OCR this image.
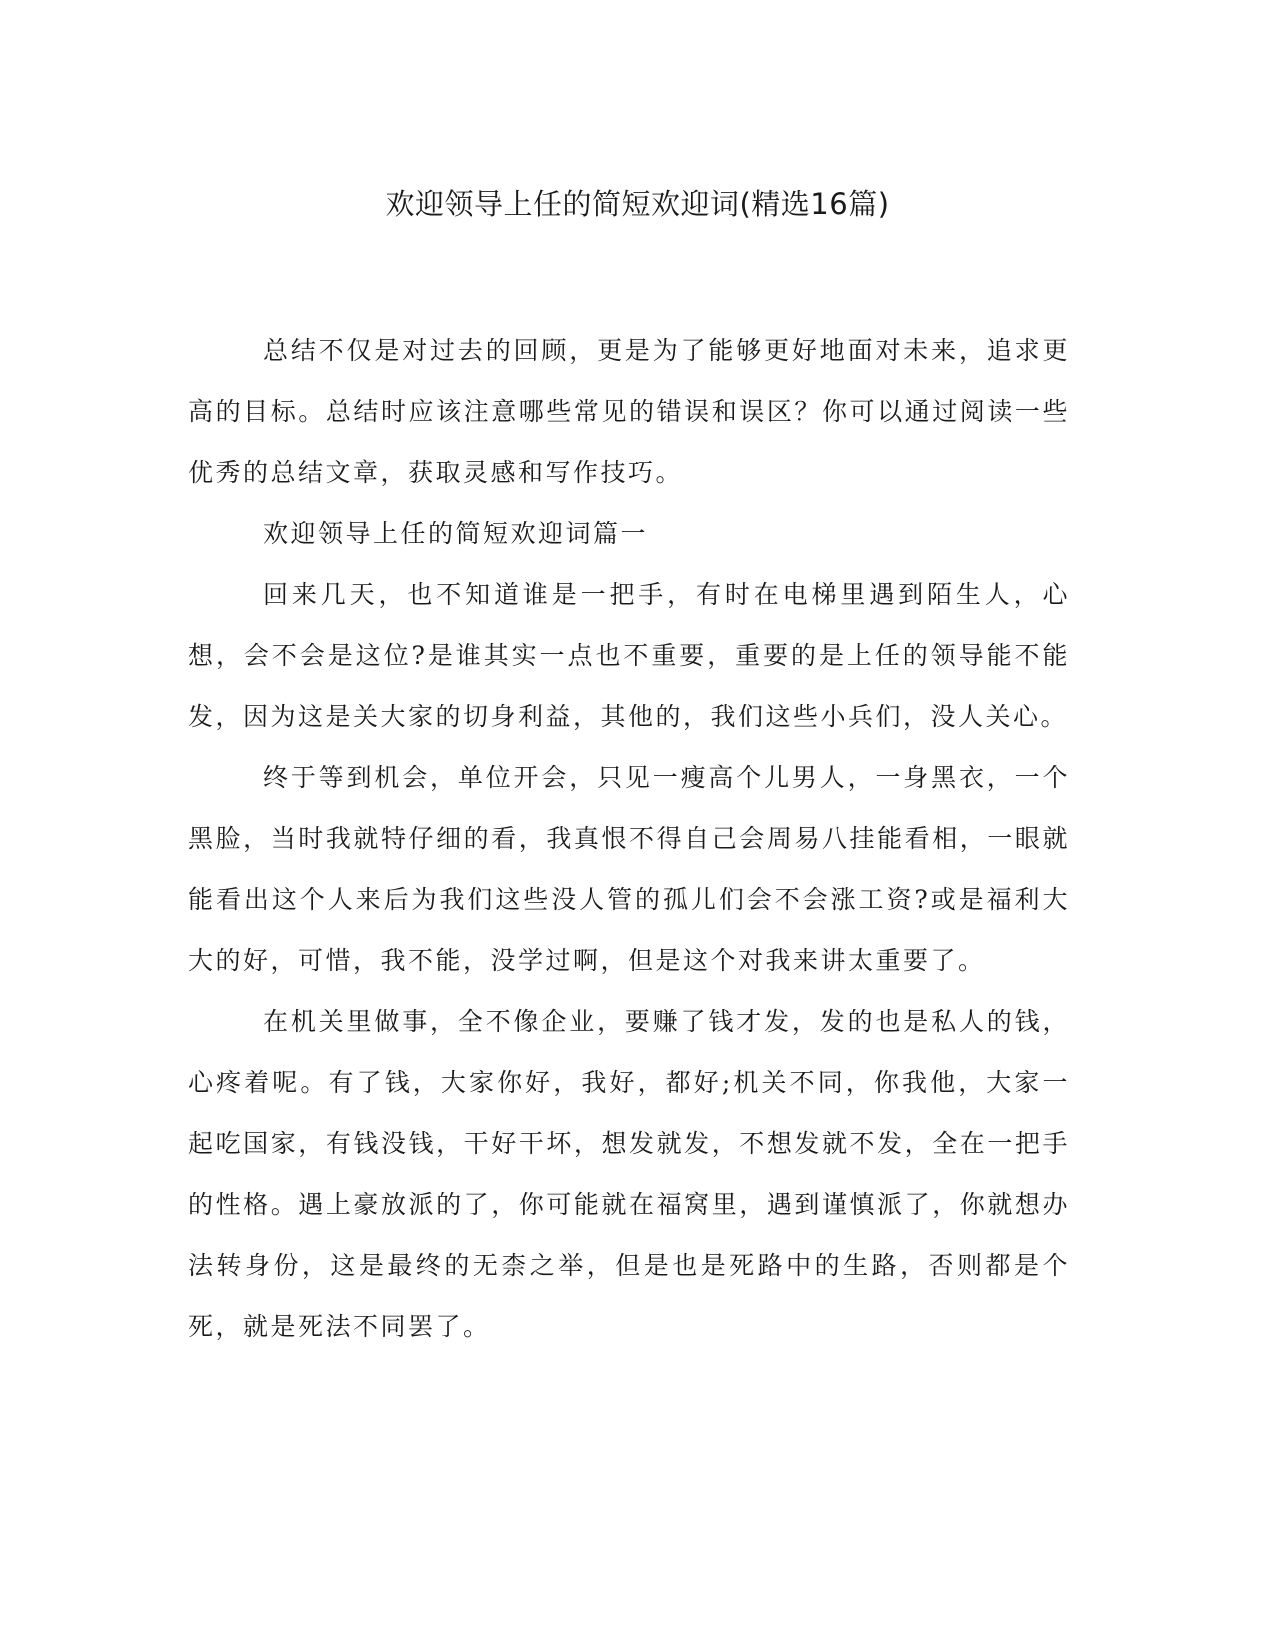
欢迎领导上任的简短欢迎词(精选16篇)

总结不仅是对过去的回顾，更是为了能够更好地面对未来，追求更高的目标。总结时应该注意哪些常见的错误和误区？你可以通过阅读一些优秀的总结文章，获取灵感和写作技巧。

欢迎领导上任的简短欢迎词篇一

回来几天，也不知道谁是一把手，有时在电梯里遇到陌生人，心想，会不会是这位?是谁其实一点也不重要，重要的是上任的领导能不能发，因为这是关大家的切身利益，其他的，我们这些小兵们，没人关心。

终于等到机会，单位开会，只见一瘦高个儿男人，一身黑衣，一个黑脸，当时我就特仔细的看，我真恨不得自己会周易八挂能看相，一眼就能看出这个人来后为我们这些没人管的孤儿们会不会涨工资?或是福利大大的好，可惜，我不能，没学过啊，但是这个对我来讲太重要了。

在机关里做事，全不像企业，要赚了钱才发，发的也是私人的钱，心疼着呢。有了钱，大家你好，我好，都好;机关不同，你我他，大家一起吃国家，有钱没钱，干好干坏，想发就发，不想发就不发，全在一把手的性格。遇上豪放派的了，你可能就在福窝里，遇到谨慎派了，你就想办法转身份，这是最终的无柰之举，但是也是死路中的生路，否则都是个死，就是死法不同罢了。
